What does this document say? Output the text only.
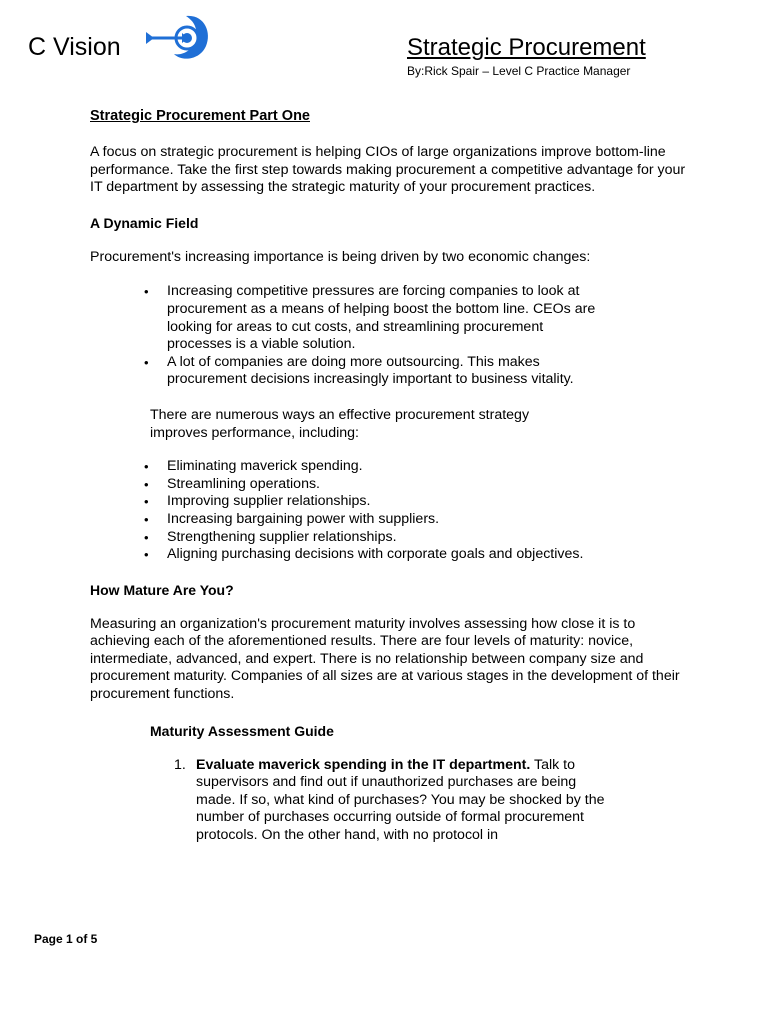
C Vision	Strategic Procurement
By:Rick Spair – Level C Practice Manager
Strategic Procurement Part One

A focus on strategic procurement is helping CIOs of large organizations improve bottom-line performance. Take the first step towards making procurement a competitive advantage for your IT department by assessing the strategic maturity of your procurement practices.

A Dynamic Field

Procurement's increasing importance is being driven by two economic changes:

• Increasing competitive pressures are forcing companies to look at procurement as a means of helping boost the bottom line. CEOs are looking for areas to cut costs, and streamlining procurement processes is a viable solution.
• A lot of companies are doing more outsourcing. This makes procurement decisions increasingly important to business vitality.

There are numerous ways an effective procurement strategy improves performance, including:

• Eliminating maverick spending.
• Streamlining operations.
• Improving supplier relationships.
• Increasing bargaining power with suppliers.
• Strengthening supplier relationships.
• Aligning purchasing decisions with corporate goals and objectives.
How Mature Are You?

Measuring an organization's procurement maturity involves assessing how close it is to achieving each of the aforementioned results. There are four levels of maturity: novice, intermediate, advanced, and expert. There is no relationship between company size and procurement maturity. Companies of all sizes are at various stages in the development of their procurement functions.

Maturity Assessment Guide
1. Evaluate maverick spending in the IT department. Talk to supervisors and find out if unauthorized purchases are being made. If so, what kind of purchases? You may be shocked by the number of purchases occurring outside of formal procurement protocols. On the other hand, with no protocol in
Page 1 of 5
